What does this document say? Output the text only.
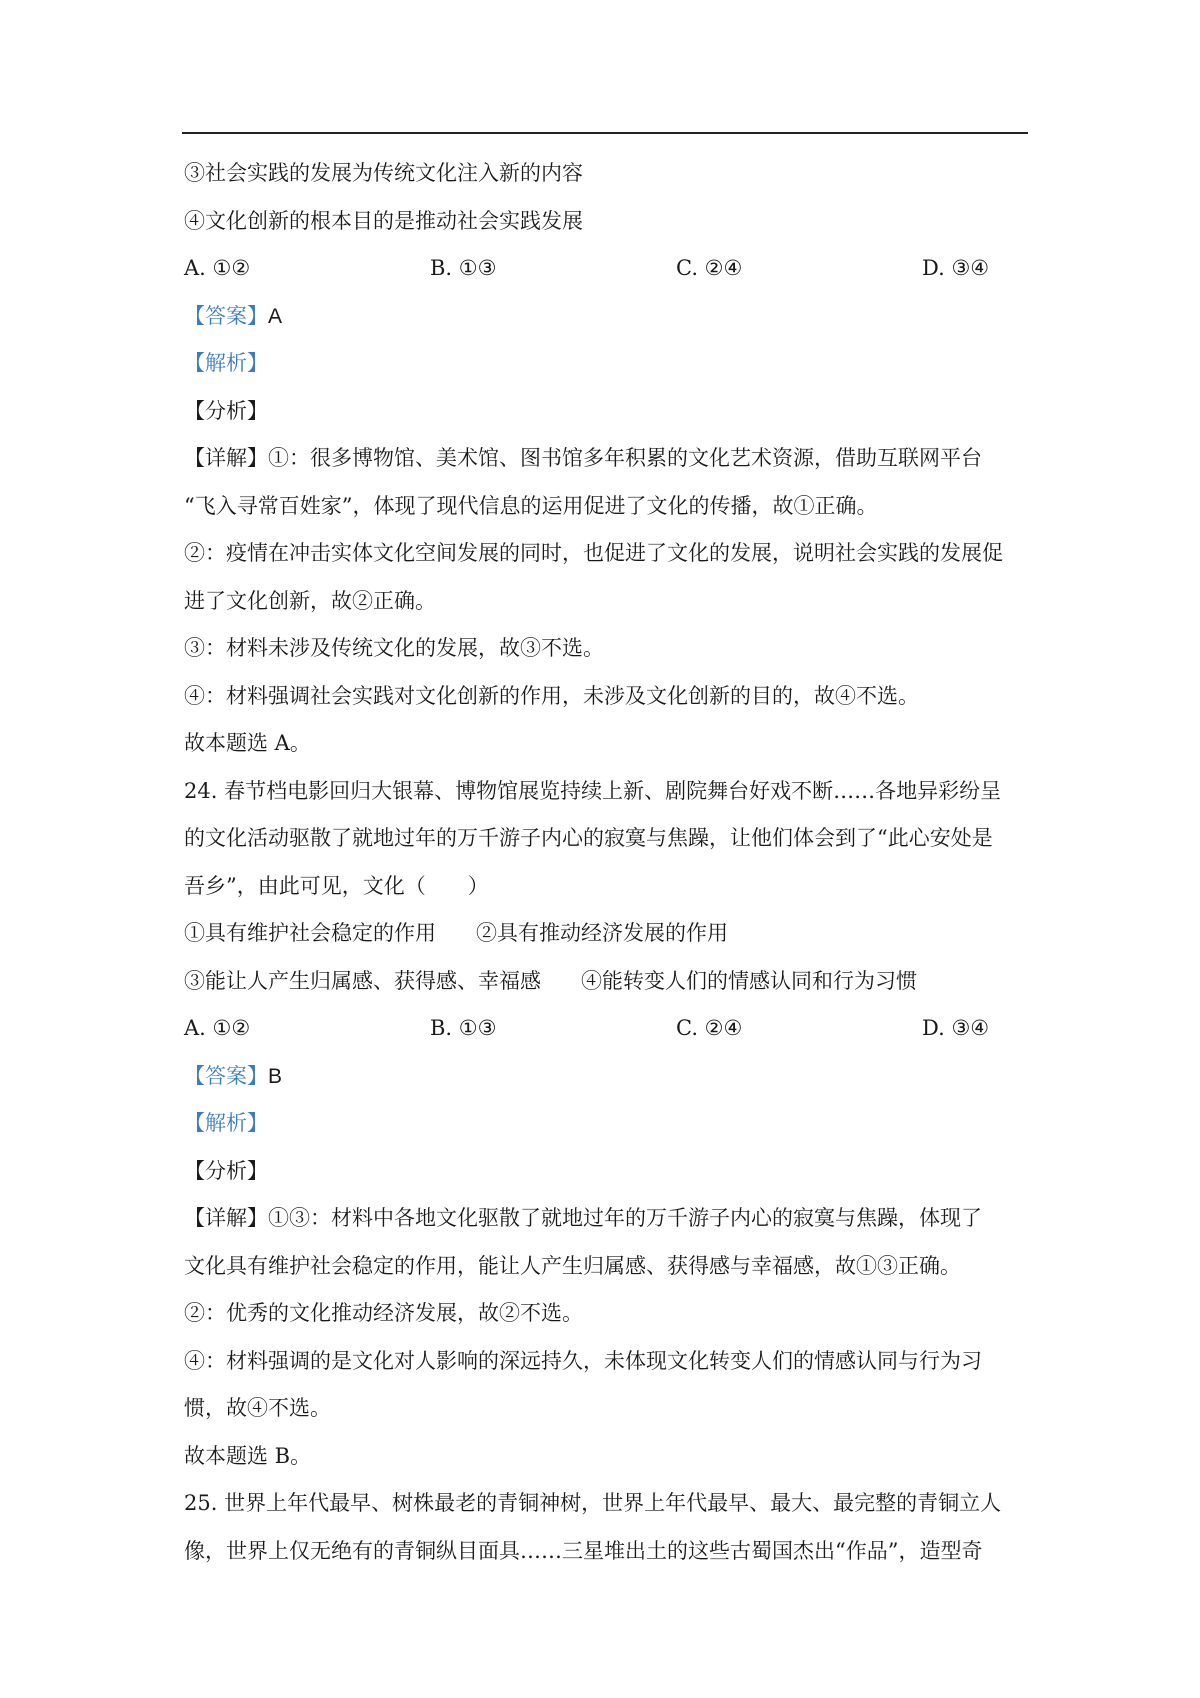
③社会实践的发展为传统文化注入新的内容
④文化创新的根本目的是推动社会实践发展
A. ①②	B. ①③	C. ②④	D. ③④
【答案】A
【解析】
【分析】
【详解】①：很多博物馆、美术馆、图书馆多年积累的文化艺术资源，借助互联网平台
“飞入寻常百姓家”，体现了现代信息的运用促进了文化的传播，故①正确。
②：疫情在冲击实体文化空间发展的同时，也促进了文化的发展，说明社会实践的发展促
进了文化创新，故②正确。
③：材料未涉及传统文化的发展，故③不选。
④：材料强调社会实践对文化创新的作用，未涉及文化创新的目的，故④不选。
故本题选 A。
24. 春节档电影回归大银幕、博物馆展览持续上新、剧院舞台好戏不断……各地异彩纷呈
的文化活动驱散了就地过年的万千游子内心的寂寞与焦躁，让他们体会到了“此心安处是
吾乡”，由此可见，文化（　　）
①具有维护社会稳定的作用 ②具有推动经济发展的作用
③能让人产生归属感、获得感、幸福感 ④能转变人们的情感认同和行为习惯
A. ①②	B. ①③	C. ②④	D. ③④
【答案】B
【解析】
【分析】
【详解】①③：材料中各地文化驱散了就地过年的万千游子内心的寂寞与焦躁，体现了
文化具有维护社会稳定的作用，能让人产生归属感、获得感与幸福感，故①③正确。
②：优秀的文化推动经济发展，故②不选。
④：材料强调的是文化对人影响的深远持久，未体现文化转变人们的情感认同与行为习
惯，故④不选。
故本题选 B。
25. 世界上年代最早、树株最老的青铜神树，世界上年代最早、最大、最完整的青铜立人
像，世界上仅无绝有的青铜纵目面具……三星堆出土的这些古蜀国杰出“作品”，造型奇
